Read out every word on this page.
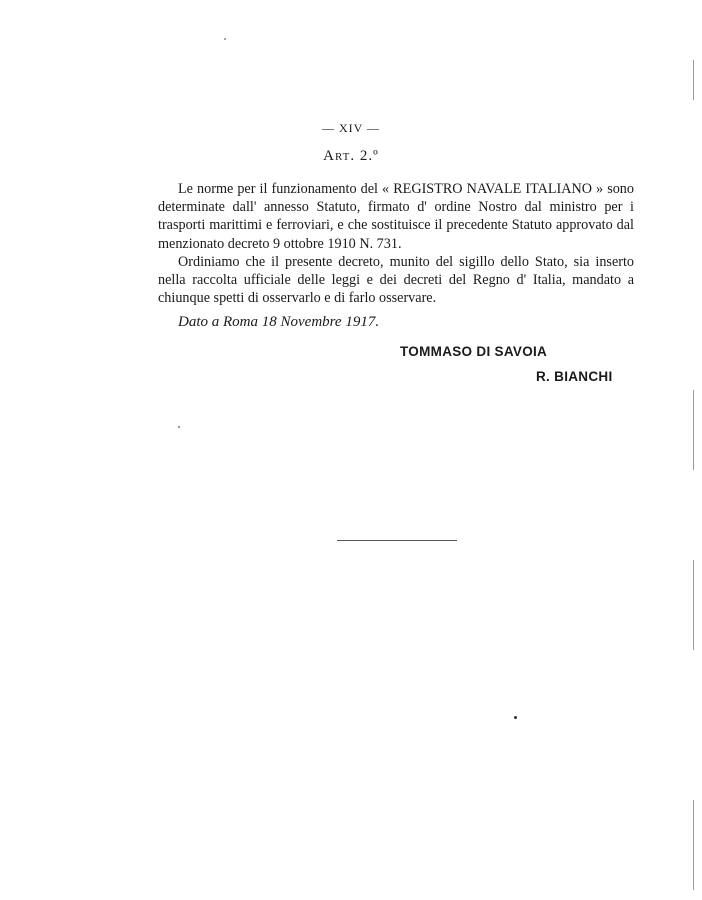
— XIV —
Art. 2.º

Le norme per il funzionamento del « REGISTRO NAVALE ITALIANO » sono determinate dall' annesso Statuto, firmato d' ordine Nostro dal ministro per i trasporti marittimi e ferroviari, e che sostituisce il precedente Statuto approvato dal menzionato decreto 9 ottobre 1910 N. 731.

Ordiniamo che il presente decreto, munito del sigillo dello Stato, sia inserto nella raccolta ufficiale delle leggi e dei decreti del Regno d' Italia, mandato a chiunque spetti di osservarlo e di farlo osservare.

Dato a Roma 18 Novembre 1917.
TOMMASO DI SAVOIA
R. BIANCHI
